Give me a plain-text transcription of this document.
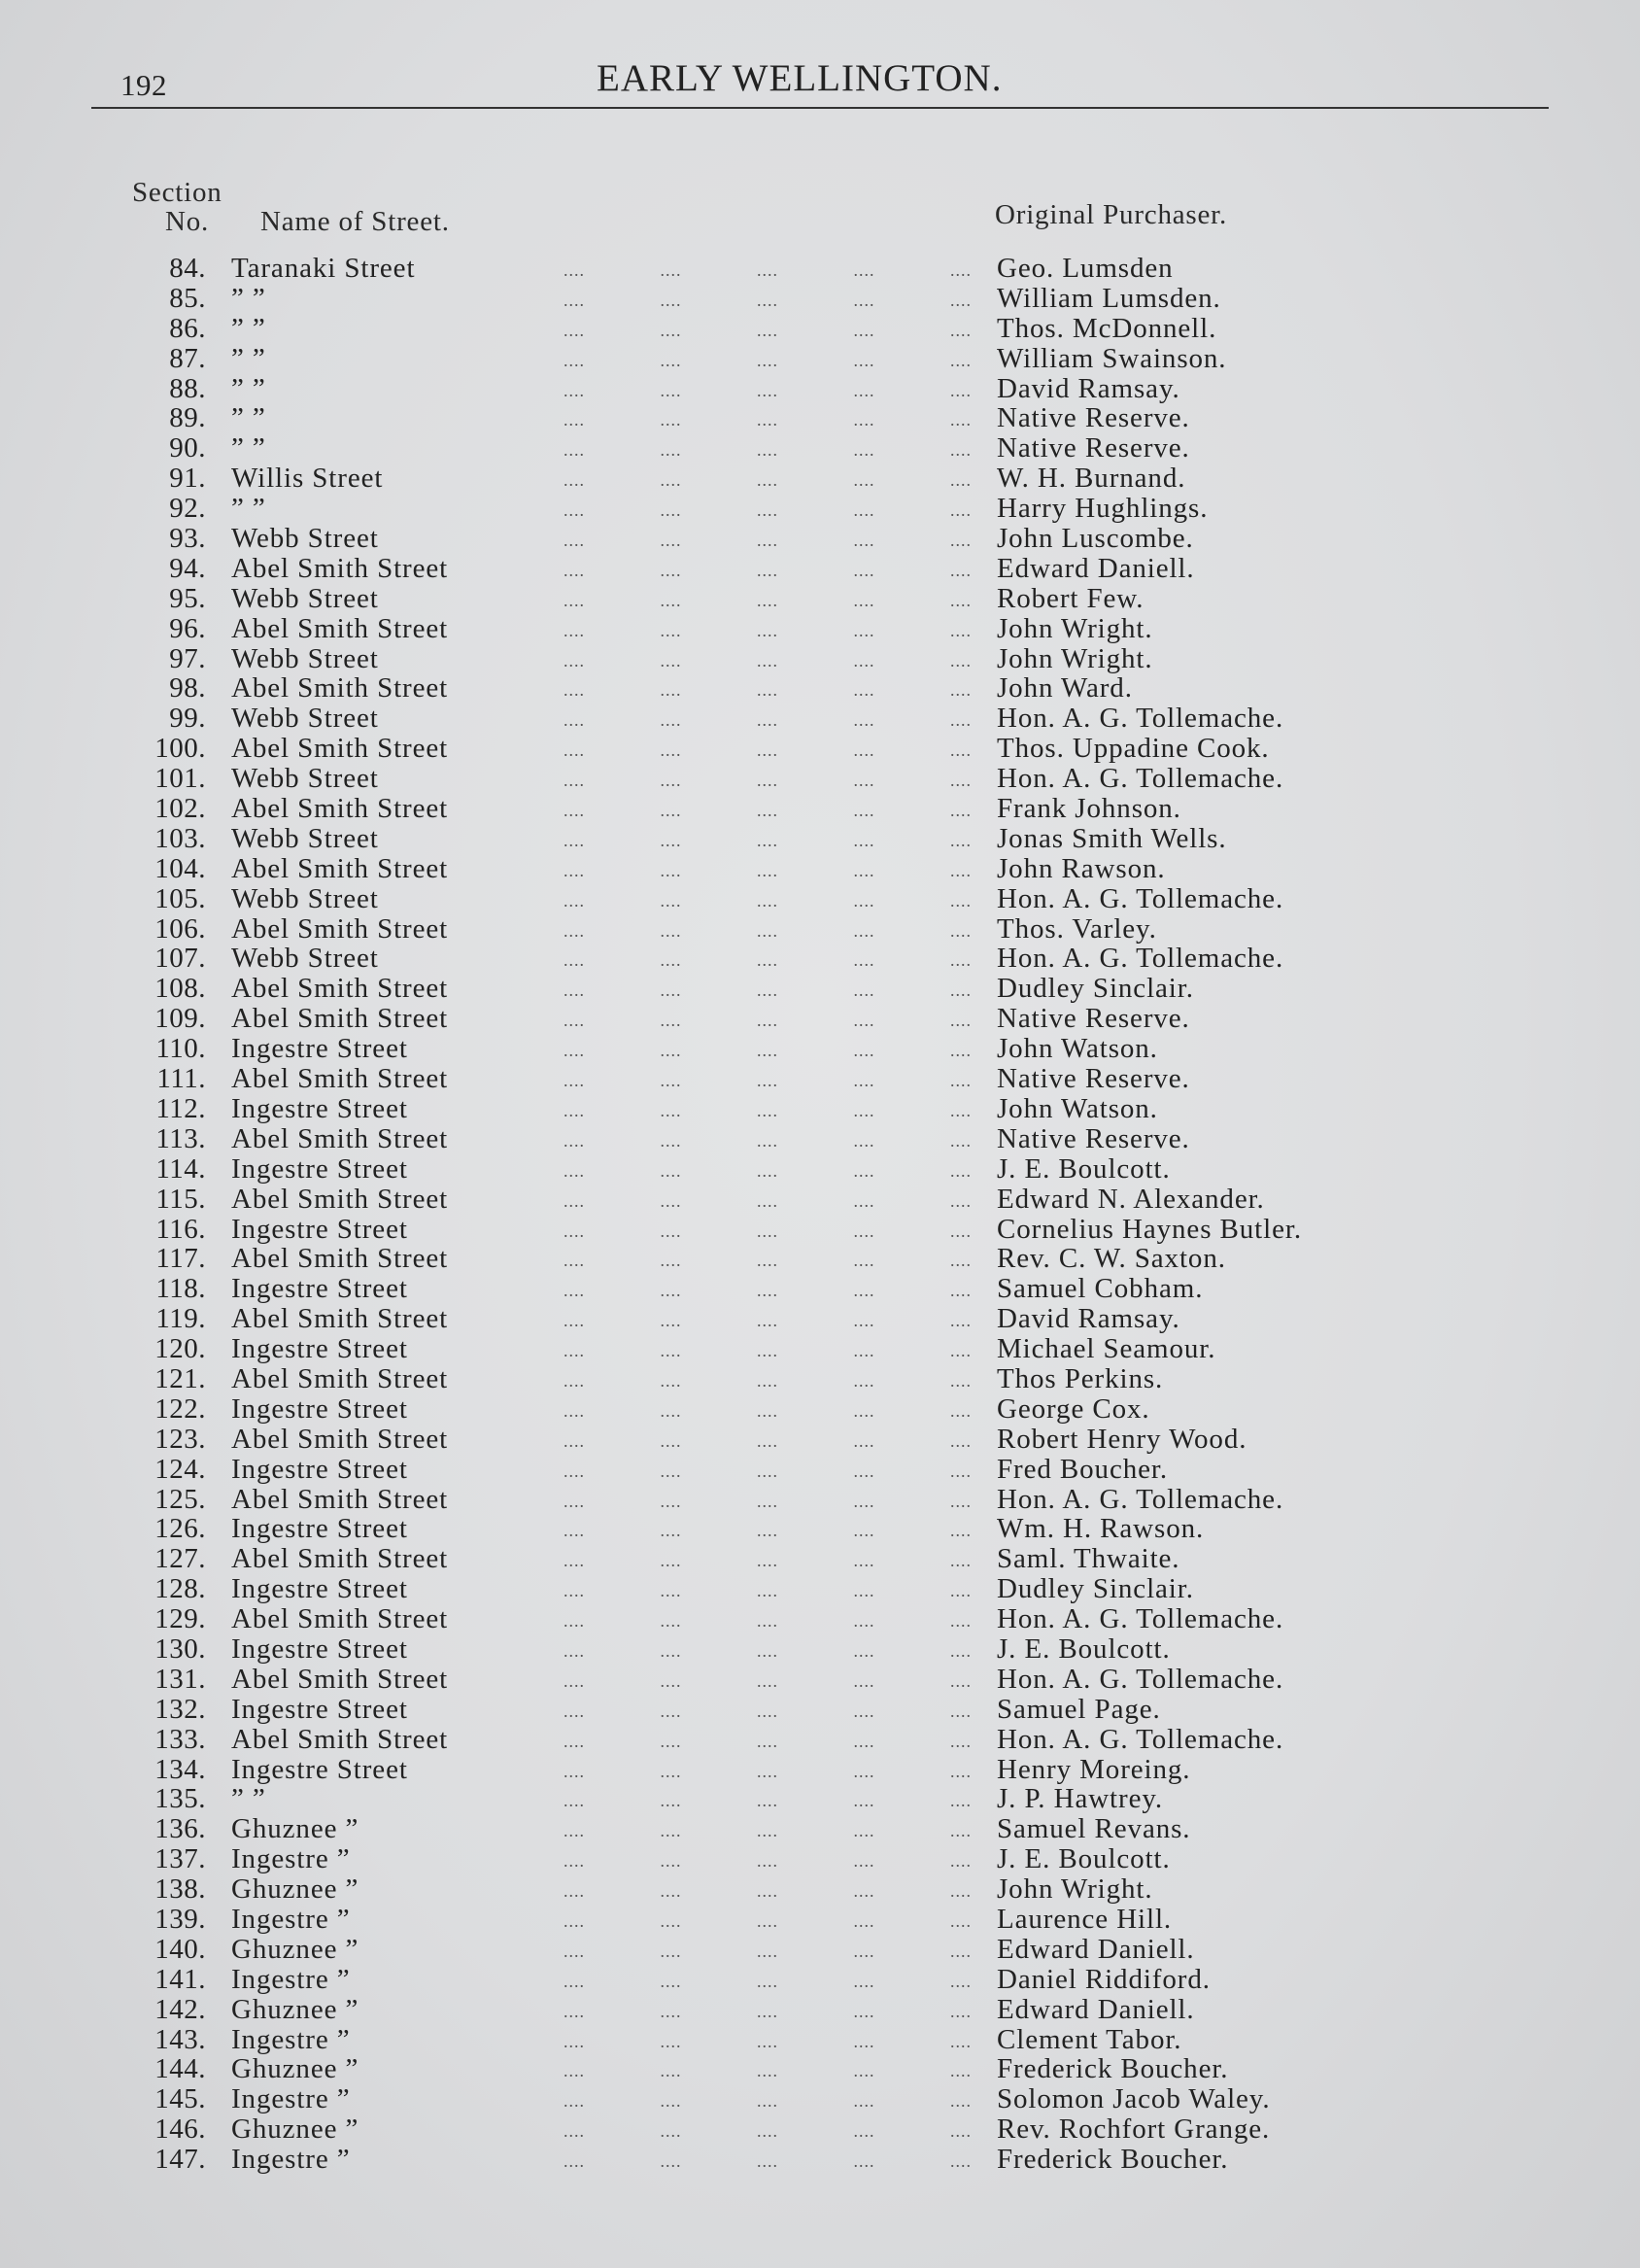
192	EARLY WELLINGTON.
Section
No. Name of Street.	Original Purchaser.
84. Taranaki Street	....	....	....	....	.... Geo. Lumsden
85. ” ”	....	....	....	....	.... William Lumsden.
86. ” ”	....	....	....	....	.... Thos. McDonnell.
87. ” ”	....	....	....	....	.... William Swainson.
88. ” ”	....	....	....	....	.... David Ramsay.
89. ” ”	....	....	....	....	.... Native Reserve.
90. ” ”	....	....	....	....	.... Native Reserve.
91. Willis Street	....	....	....	....	.... W. H. Burnand.
92. ” ”	....	....	....	....	.... Harry Hughlings.
93. Webb Street	....	....	....	....	.... John Luscombe.
94. Abel Smith Street	....	....	....	....	.... Edward Daniell.
95. Webb Street	....	....	....	....	.... Robert Few.
96. Abel Smith Street	....	....	....	....	.... John Wright.
97. Webb Street	....	....	....	....	.... John Wright.
98. Abel Smith Street	....	....	....	....	.... John Ward.
99. Webb Street	....	....	....	....	.... Hon. A. G. Tollemache.
100. Abel Smith Street	....	....	....	....	.... Thos. Uppadine Cook.
101. Webb Street	....	....	....	....	.... Hon. A. G. Tollemache.
102. Abel Smith Street	....	....	....	....	.... Frank Johnson.
103. Webb Street	....	....	....	....	.... Jonas Smith Wells.
104. Abel Smith Street	....	....	....	....	.... John Rawson.
105. Webb Street	....	....	....	....	.... Hon. A. G. Tollemache.
106. Abel Smith Street	....	....	....	....	.... Thos. Varley.
107. Webb Street	....	....	....	....	.... Hon. A. G. Tollemache.
108. Abel Smith Street	....	....	....	....	.... Dudley Sinclair.
109. Abel Smith Street	....	....	....	....	.... Native Reserve.
110. Ingestre Street	....	....	....	....	.... John Watson.
111. Abel Smith Street	....	....	....	....	.... Native Reserve.
112. Ingestre Street	....	....	....	....	.... John Watson.
113. Abel Smith Street	....	....	....	....	.... Native Reserve.
114. Ingestre Street	....	....	....	....	.... J. E. Boulcott.
115. Abel Smith Street	....	....	....	....	.... Edward N. Alexander.
116. Ingestre Street	....	....	....	....	.... Cornelius Haynes Butler.
117. Abel Smith Street	....	....	....	....	.... Rev. C. W. Saxton.
118. Ingestre Street	....	....	....	....	.... Samuel Cobham.
119. Abel Smith Street	....	....	....	....	.... David Ramsay.
120. Ingestre Street	....	....	....	....	.... Michael Seamour.
121. Abel Smith Street	....	....	....	....	.... Thos Perkins.
122. Ingestre Street	....	....	....	....	.... George Cox.
123. Abel Smith Street	....	....	....	....	.... Robert Henry Wood.
124. Ingestre Street	....	....	....	....	.... Fred Boucher.
125. Abel Smith Street	....	....	....	....	.... Hon. A. G. Tollemache.
126. Ingestre Street	....	....	....	....	.... Wm. H. Rawson.
127. Abel Smith Street	....	....	....	....	.... Saml. Thwaite.
128. Ingestre Street	....	....	....	....	.... Dudley Sinclair.
129. Abel Smith Street	....	....	....	....	.... Hon. A. G. Tollemache.
130. Ingestre Street	....	....	....	....	.... J. E. Boulcott.
131. Abel Smith Street	....	....	....	....	.... Hon. A. G. Tollemache.
132. Ingestre Street	....	....	....	....	.... Samuel Page.
133. Abel Smith Street	....	....	....	....	.... Hon. A. G. Tollemache.
134. Ingestre Street	....	....	....	....	.... Henry Moreing.
135. ” ”	....	....	....	....	.... J. P. Hawtrey.
136. Ghuznee ”	....	....	....	....	.... Samuel Revans.
137. Ingestre ”	....	....	....	....	.... J. E. Boulcott.
138. Ghuznee ”	....	....	....	....	.... John Wright.
139. Ingestre ”	....	....	....	....	.... Laurence Hill.
140. Ghuznee ”	....	....	....	....	.... Edward Daniell.
141. Ingestre ”	....	....	....	....	.... Daniel Riddiford.
142. Ghuznee ”	....	....	....	....	.... Edward Daniell.
143. Ingestre ”	....	....	....	....	.... Clement Tabor.
144. Ghuznee ”	....	....	....	....	.... Frederick Boucher.
145. Ingestre ”	....	....	....	....	.... Solomon Jacob Waley.
146. Ghuznee ”	....	....	....	....	.... Rev. Rochfort Grange.
147. Ingestre ”	....	....	....	....	.... Frederick Boucher.
